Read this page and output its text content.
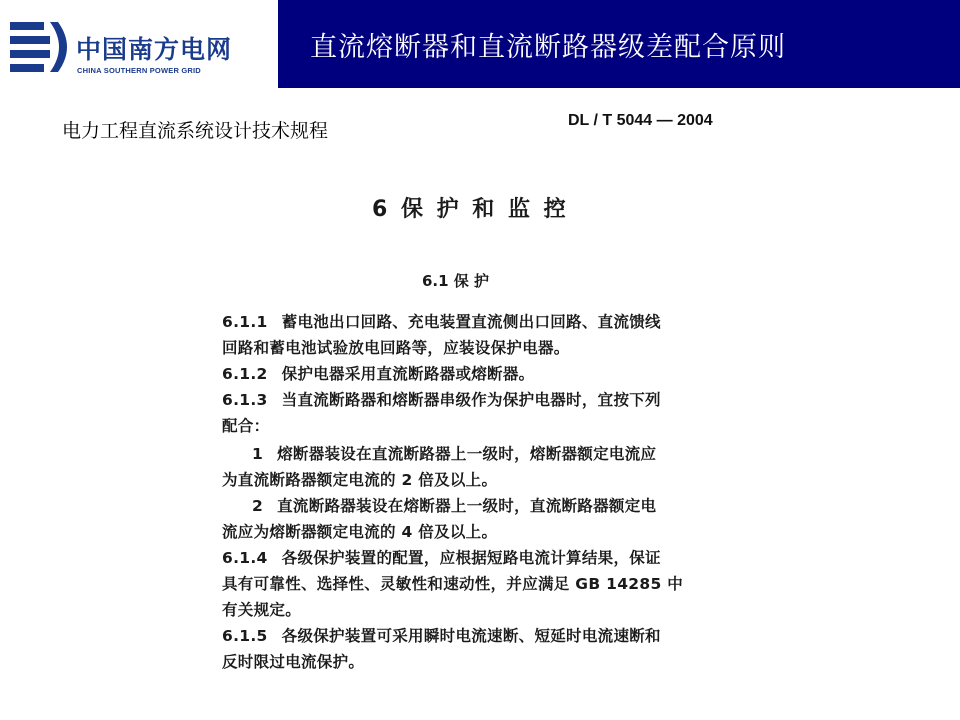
中国南方电网
CHINA SOUTHERN POWER GRID
直流熔断器和直流断路器级差配合原则
电力工程直流系统设计技术规程	DL / T 5044 — 2004
6 保 护 和 监 控
6.1 保 护
6.1.1 蓄电池出口回路、充电装置直流侧出口回路、直流馈线
回路和蓄电池试验放电回路等，应装设保护电器。
6.1.2 保护电器采用直流断路器或熔断器。
6.1.3 当直流断路器和熔断器串级作为保护电器时，宜按下列
配合：
1 熔断器装设在直流断路器上一级时，熔断器额定电流应
为直流断路器额定电流的 2 倍及以上。
2 直流断路器装设在熔断器上一级时，直流断路器额定电
流应为熔断器额定电流的 4 倍及以上。
6.1.4 各级保护装置的配置，应根据短路电流计算结果，保证
具有可靠性、选择性、灵敏性和速动性，并应满足 GB 14285 中
有关规定。
6.1.5 各级保护装置可采用瞬时电流速断、短延时电流速断和
反时限过电流保护。
